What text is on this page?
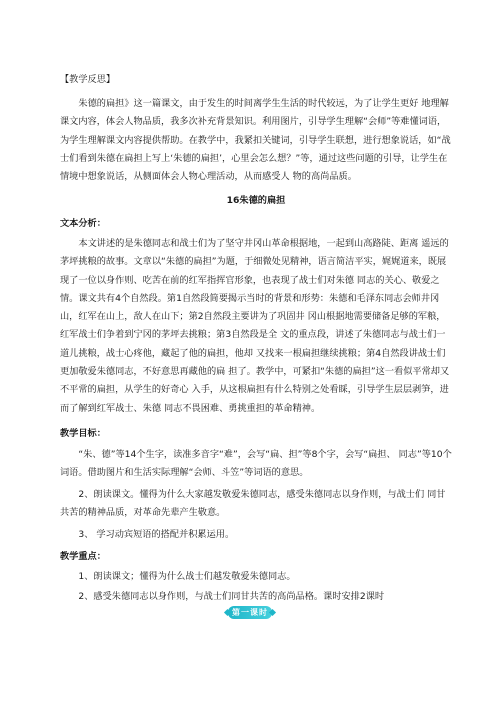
【教学反思】
朱德的扁担》这一篇课文，由于发生的时间离学生生活的时代较远，为了让学生更好 地理解课文内容，体会人物品质，我多次补充背景知识。利用图片，引导学生理解“会师”等难懂词语，为学生理解课文内容提供帮助。在教学中，我紧扣关键词，引导学生联想，进行想象说话，如“战士们看到朱德在扁担上写上‘朱德的扁担’，心里会怎么想？”等，通过这些问题的引导，让学生在情境中想象说话，从侧面体会人物心理活动，从而感受人 物的高尚品质。
16朱德的扁担
文本分析：
本文讲述的是朱德同志和战士们为了坚守井冈山革命根据地，一起到山高路陡、距离 遥远的茅坪挑粮的故事。文章以“朱德的扁担”为题，于细微处见精神，语言简洁平实，娓娓道来，既展现了一位以身作则、吃苦在前的红军指挥官形象，也表现了战士们对朱德 同志的关心、敬爱之情。课文共有4个自然段。第1自然段简要揭示当时的背景和形势：朱德和毛泽东同志会师井冈山，红军在山上，敌人在山下；第2自然段主要讲为了巩固井 冈山根据地需要储备足够的军粮，红军战士们争着到宁冈的茅坪去挑粮；第3自然段是全 文的重点段，讲述了朱德同志与战士们一道儿挑粮，战士心疼他，藏起了他的扁担，他却 又找来一根扁担继续挑粮；第4自然段讲战士们更加敬爱朱德同志，不好意思再藏他的扁 担了。教学中，可紧扣“朱德的扁担”这一看似平常却又不平常的扁担，从学生的好奇心 入手，从这根扁担有什么特别之处看睬，引导学生层层剥笋，进而了解到红军战士、朱德 同志不畏困难、勇挑重担的革命精神。
教学目标：
“朱、德”等14个生字，读准多音字“难”，会写“扁、担”等8个字，会写“扁担、 同志”等10个词语。借助图片和生活实际理解“会师、斗笠”等词语的意思。
2、朗读课文。懂得为什么大家越发敬爱朱德同志，感受朱德同志以身作则，与战士们 同甘共苦的精神品质，对革命先辈产生敬意。
3、 学习动宾短语的搭配并积累运用。
教学重点：
1、朗读课文；懂得为什么战士们越发敬爱朱德同志。
2、感受朱德同志以身作则，与战士们同甘共苦的高尚品格。课时安排2课时
第一课时
